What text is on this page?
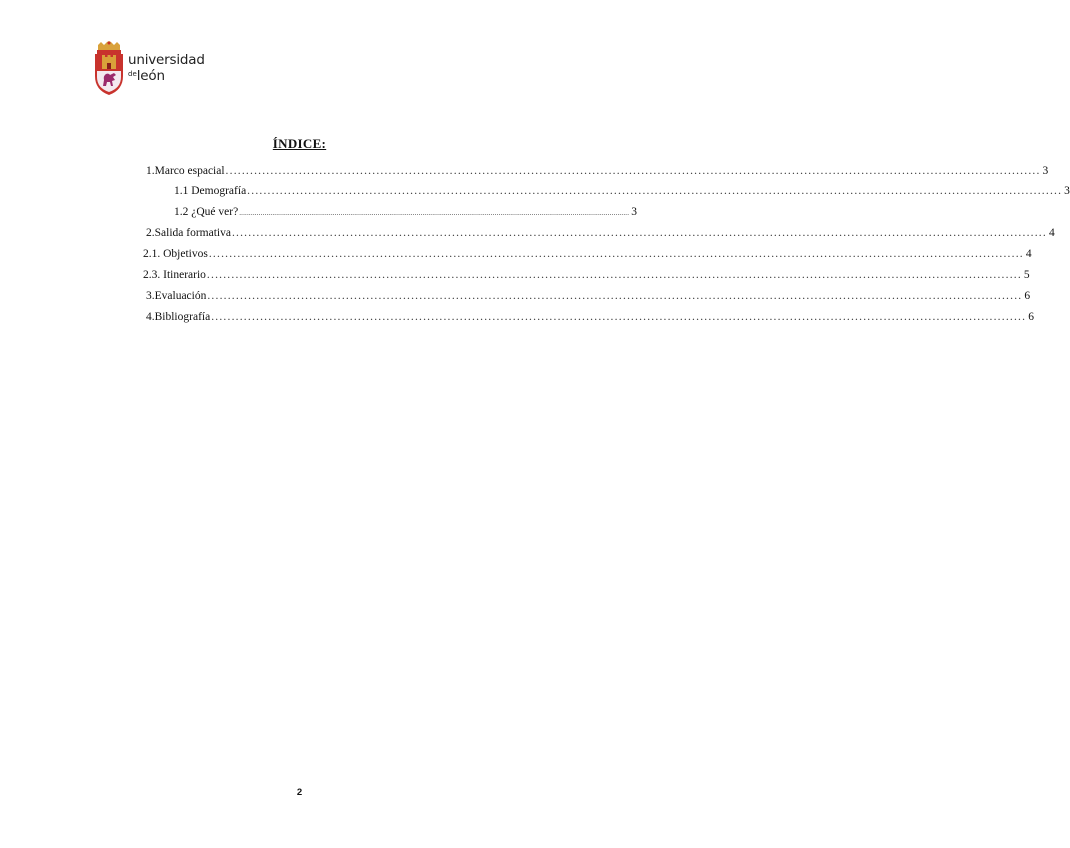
universidad
$^{de}$león
ÍNDICE:
1. Marco espacial ........................................................................................................................................................................................................ 3
1.1 Demografía ........................................................................................................................................................................................................ 3
1.2 ¿Qué ver? ........................................................................................................................................................................................................ 3
2. Salida formativa ........................................................................................................................................................................................................ 4
2.1. Objetivos ........................................................................................................................................................................................................ 4
2.3. Itinerario ........................................................................................................................................................................................................ 5
3. Evaluación ........................................................................................................................................................................................................ 6
4. Bibliografía ........................................................................................................................................................................................................ 6
2
